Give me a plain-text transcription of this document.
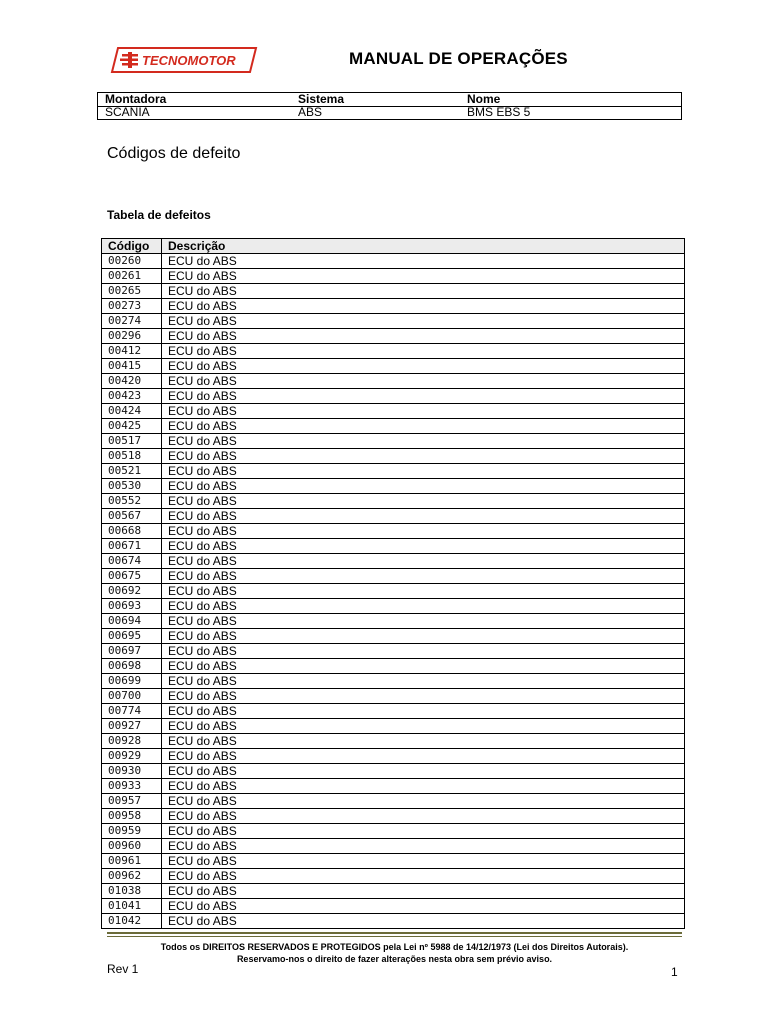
TECNOMOTOR	MANUAL DE OPERAÇÕES
Montadora	Sistema	Nome
SCANIA	ABS	BMS EBS 5
Códigos de defeito
Tabela de defeitos
Código	Descrição
00260	ECU do ABS
00261	ECU do ABS
00265	ECU do ABS
00273	ECU do ABS
00274	ECU do ABS
00296	ECU do ABS
00412	ECU do ABS
00415	ECU do ABS
00420	ECU do ABS
00423	ECU do ABS
00424	ECU do ABS
00425	ECU do ABS
00517	ECU do ABS
00518	ECU do ABS
00521	ECU do ABS
00530	ECU do ABS
00552	ECU do ABS
00567	ECU do ABS
00668	ECU do ABS
00671	ECU do ABS
00674	ECU do ABS
00675	ECU do ABS
00692	ECU do ABS
00693	ECU do ABS
00694	ECU do ABS
00695	ECU do ABS
00697	ECU do ABS
00698	ECU do ABS
00699	ECU do ABS
00700	ECU do ABS
00774	ECU do ABS
00927	ECU do ABS
00928	ECU do ABS
00929	ECU do ABS
00930	ECU do ABS
00933	ECU do ABS
00957	ECU do ABS
00958	ECU do ABS
00959	ECU do ABS
00960	ECU do ABS
00961	ECU do ABS
00962	ECU do ABS
01038	ECU do ABS
01041	ECU do ABS
01042	ECU do ABS
Todos os DIREITOS RESERVADOS E PROTEGIDOS pela Lei nº 5988 de 14/12/1973 (Lei dos Direitos Autorais).
Reservamo-nos o direito de fazer alterações nesta obra sem prévio aviso.
Rev 1	1
